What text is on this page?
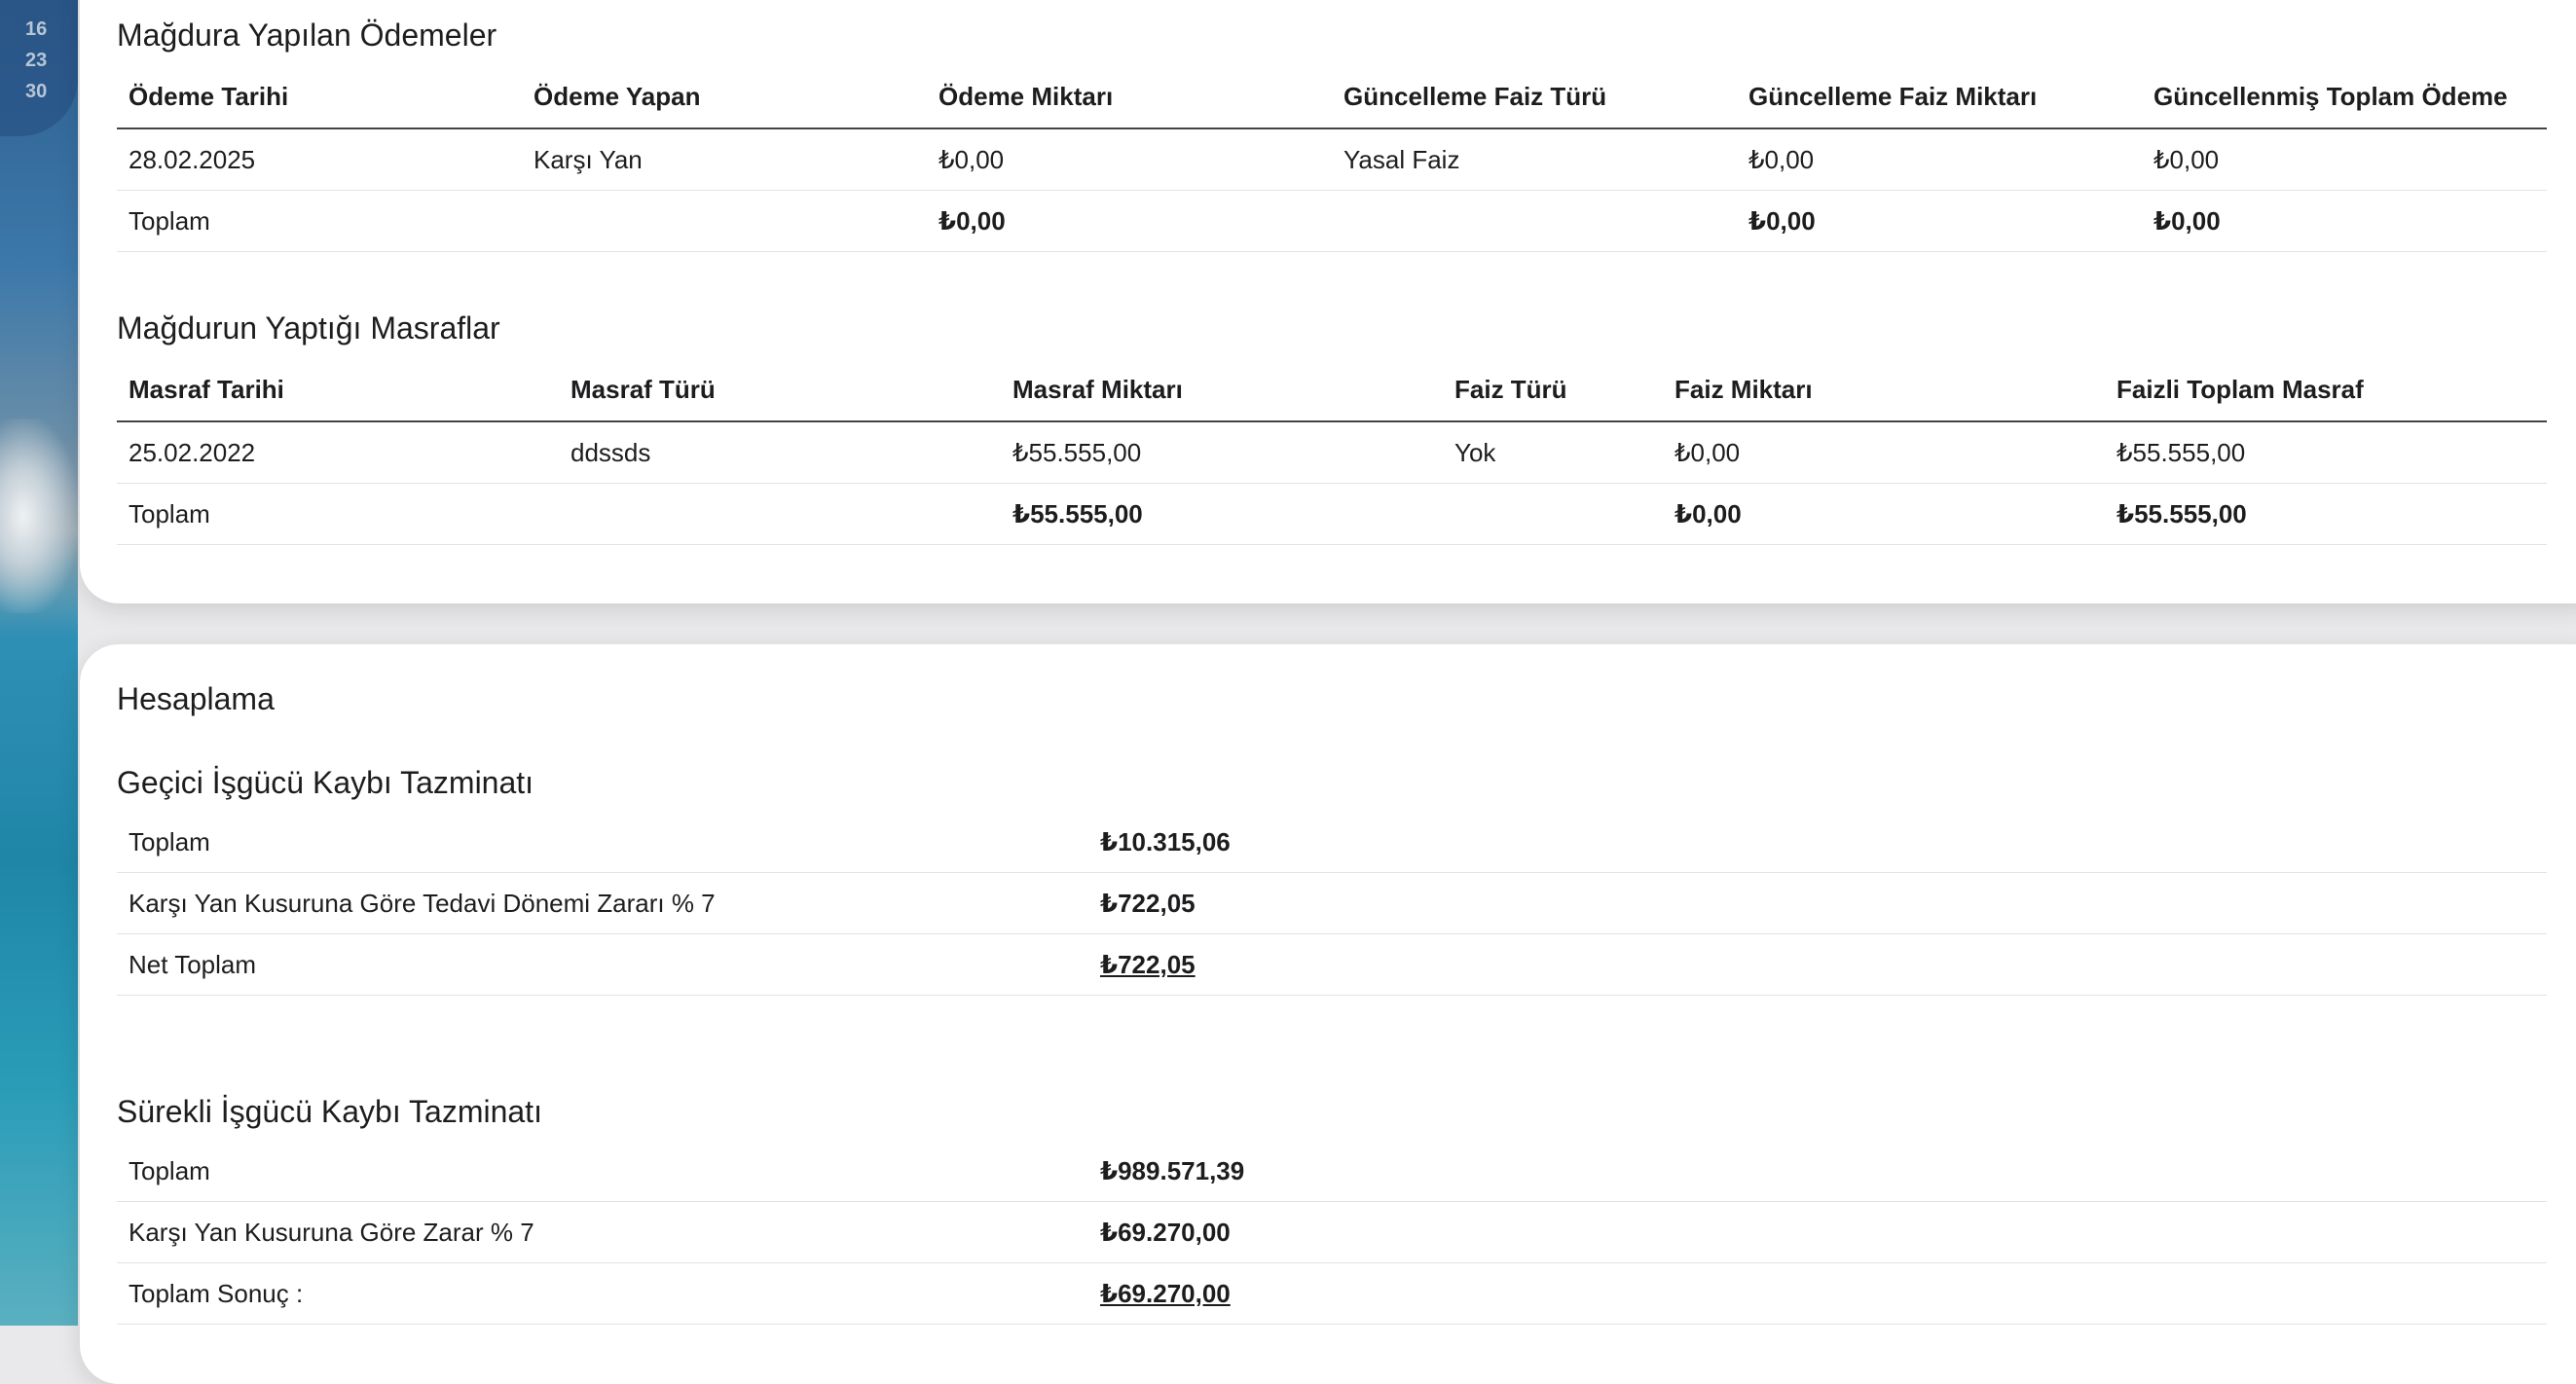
16
23
30
Mağdura Yapılan Ödemeler
Ödeme Tarihi	Ödeme Yapan	Ödeme Miktarı	Güncelleme Faiz Türü	Güncelleme Faiz Miktarı	Güncellenmiş Toplam Ödeme
28.02.2025	Karşı Yan	₺0,00	Yasal Faiz	₺0,00	₺0,00
Toplam		₺0,00		₺0,00	₺0,00
Mağdurun Yaptığı Masraflar
Masraf Tarihi	Masraf Türü	Masraf Miktarı	Faiz Türü	Faiz Miktarı	Faizli Toplam Masraf
25.02.2022	ddssds	₺55.555,00	Yok	₺0,00	₺55.555,00
Toplam		₺55.555,00		₺0,00	₺55.555,00
Hesaplama
Geçici İşgücü Kaybı Tazminatı
Toplam	₺10.315,06
Karşı Yan Kusuruna Göre Tedavi Dönemi Zararı % 7	₺722,05
Net Toplam	₺722,05
Sürekli İşgücü Kaybı Tazminatı
Toplam	₺989.571,39
Karşı Yan Kusuruna Göre Zarar % 7	₺69.270,00
Toplam Sonuç :	₺69.270,00
